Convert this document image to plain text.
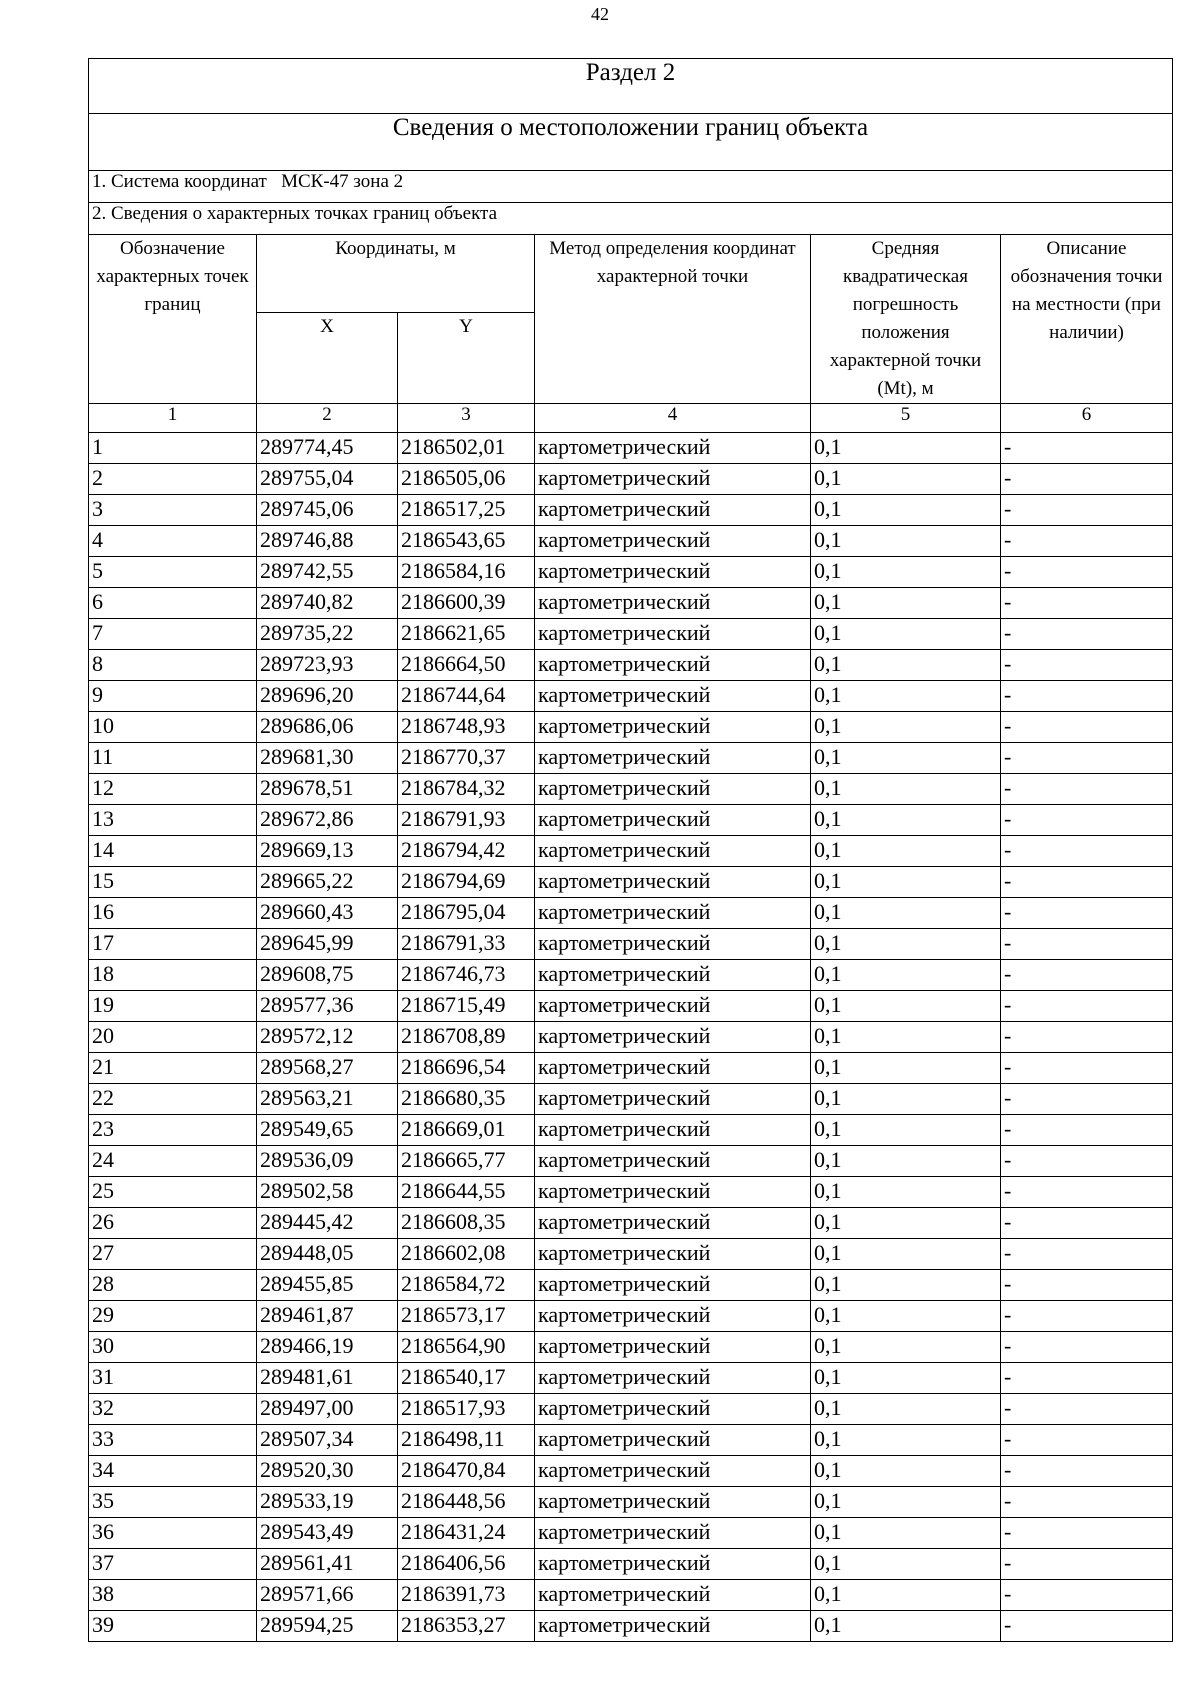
42
Раздел 2					
Сведения о местоположении границ объекта					
1. Система координат   МСК-47 зона 2					
2. Сведения о характерных точках границ объекта					
Обозначение характерных точек границ	Координаты, м		Метод определения координат характерной точки	Средняя квадратическая погрешность положения характерной точки (Mt), м	Описание обозначения точки на местности (при наличии)
	X	Y			
1	2	3	4	5	6
1	289774,45	2186502,01	картометрический	0,1	-
2	289755,04	2186505,06	картометрический	0,1	-
3	289745,06	2186517,25	картометрический	0,1	-
4	289746,88	2186543,65	картометрический	0,1	-
5	289742,55	2186584,16	картометрический	0,1	-
6	289740,82	2186600,39	картометрический	0,1	-
7	289735,22	2186621,65	картометрический	0,1	-
8	289723,93	2186664,50	картометрический	0,1	-
9	289696,20	2186744,64	картометрический	0,1	-
10	289686,06	2186748,93	картометрический	0,1	-
11	289681,30	2186770,37	картометрический	0,1	-
12	289678,51	2186784,32	картометрический	0,1	-
13	289672,86	2186791,93	картометрический	0,1	-
14	289669,13	2186794,42	картометрический	0,1	-
15	289665,22	2186794,69	картометрический	0,1	-
16	289660,43	2186795,04	картометрический	0,1	-
17	289645,99	2186791,33	картометрический	0,1	-
18	289608,75	2186746,73	картометрический	0,1	-
19	289577,36	2186715,49	картометрический	0,1	-
20	289572,12	2186708,89	картометрический	0,1	-
21	289568,27	2186696,54	картометрический	0,1	-
22	289563,21	2186680,35	картометрический	0,1	-
23	289549,65	2186669,01	картометрический	0,1	-
24	289536,09	2186665,77	картометрический	0,1	-
25	289502,58	2186644,55	картометрический	0,1	-
26	289445,42	2186608,35	картометрический	0,1	-
27	289448,05	2186602,08	картометрический	0,1	-
28	289455,85	2186584,72	картометрический	0,1	-
29	289461,87	2186573,17	картометрический	0,1	-
30	289466,19	2186564,90	картометрический	0,1	-
31	289481,61	2186540,17	картометрический	0,1	-
32	289497,00	2186517,93	картометрический	0,1	-
33	289507,34	2186498,11	картометрический	0,1	-
34	289520,30	2186470,84	картометрический	0,1	-
35	289533,19	2186448,56	картометрический	0,1	-
36	289543,49	2186431,24	картометрический	0,1	-
37	289561,41	2186406,56	картометрический	0,1	-
38	289571,66	2186391,73	картометрический	0,1	-
39	289594,25	2186353,27	картометрический	0,1	-
